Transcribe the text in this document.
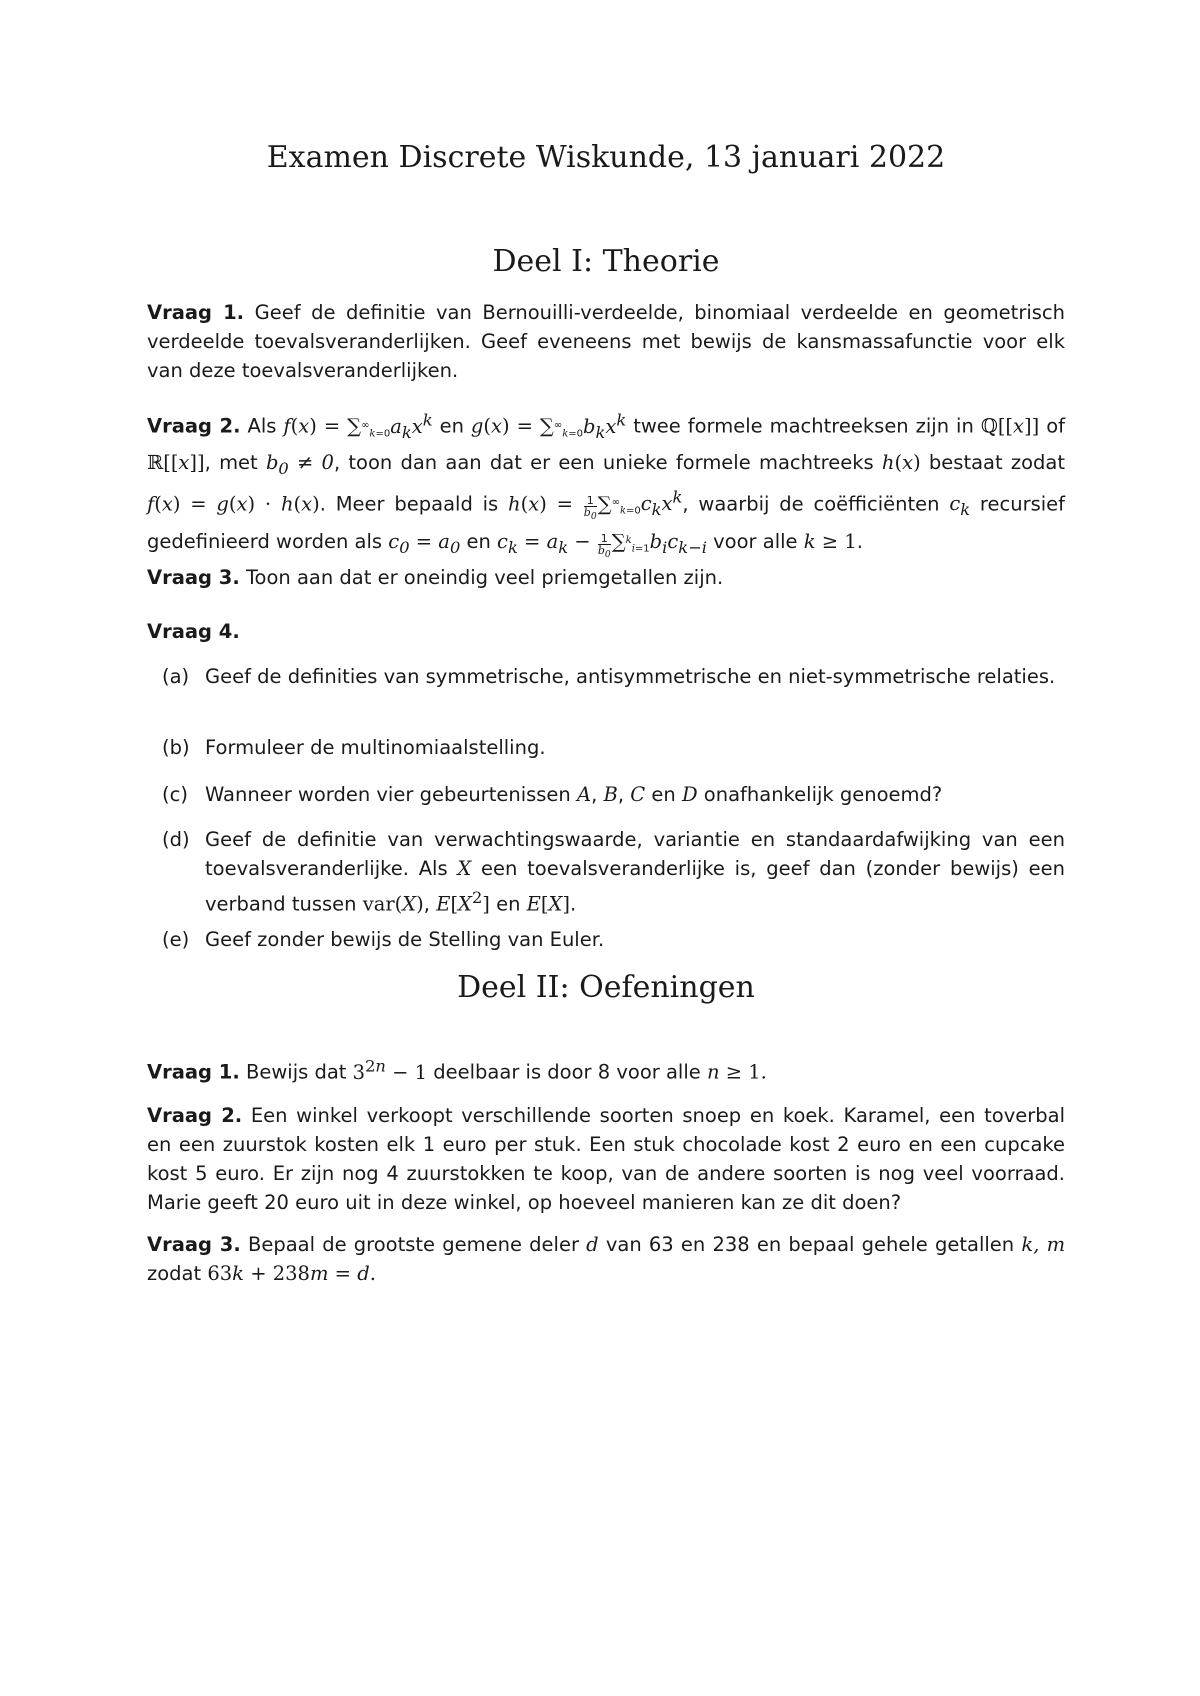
Examen Discrete Wiskunde, 13 januari 2022
Deel I: Theorie

Vraag 1. Geef de definitie van Bernouilli-verdeelde, binomiaal verdeelde en geometrisch verdeelde toevalsveranderlijken. Geef eveneens met bewijs de kansmassafunctie voor elk van deze toevalsveranderlijken.

Vraag 2. Als $f(x) = \sum^\infty_{k=0}a_kx^k$ en $g(x) = \sum^\infty_{k=0}b_kx^k$ twee formele machtreeksen zijn in ℚ[[x]] of ℝ[[x]], met $b_0 \ne 0$, toon dan aan dat er een unieke formele machtreeks h(x) bestaat zodat f(x) = g(x) · h(x). Meer bepaald is $h(x) = \frac{1}{b_0} \sum^\infty_{k=0}c_kx^k$, waarbij de coëfficiënten $c_k$ recursief gedefinieerd worden als $c_0 = a_0$ en $c_k = a_k - \frac{1}{b_0} \sum^k_{i=1}b_ic_{k-i}$ voor alle k ≥ 1.

Vraag 3. Toon aan dat er oneindig veel priemgetallen zijn.

Vraag 4.

(a) Geef de definities van symmetrische, antisymmetrische en niet-symmetrische relaties.
(b) Formuleer de multinomiaalstelling.
(c) Wanneer worden vier gebeurtenissen A, B, C en D onafhankelijk genoemd?
(d) Geef de definitie van verwachtingswaarde, variantie en standaardafwijking van een toevalsveranderlijke. Als X een toevalsveranderlijke is, geef dan (zonder bewijs) een verband tussen var(X), $E[X^2]$ en E[X].
(e) Geef zonder bewijs de Stelling van Euler.
Deel II: Oefeningen

Vraag 1. Bewijs dat $3^{2n} - 1$ deelbaar is door 8 voor alle n ≥ 1.

Vraag 2. Een winkel verkoopt verschillende soorten snoep en koek. Karamel, een toverbal en een zuurstok kosten elk 1 euro per stuk. Een stuk chocolade kost 2 euro en een cupcake kost 5 euro. Er zijn nog 4 zuurstokken te koop, van de andere soorten is nog veel voorraad. Marie geeft 20 euro uit in deze winkel, op hoeveel manieren kan ze dit doen?

Vraag 3. Bepaal de grootste gemene deler d van 63 en 238 en bepaal gehele getallen k, m zodat 63k + 238m = d.
